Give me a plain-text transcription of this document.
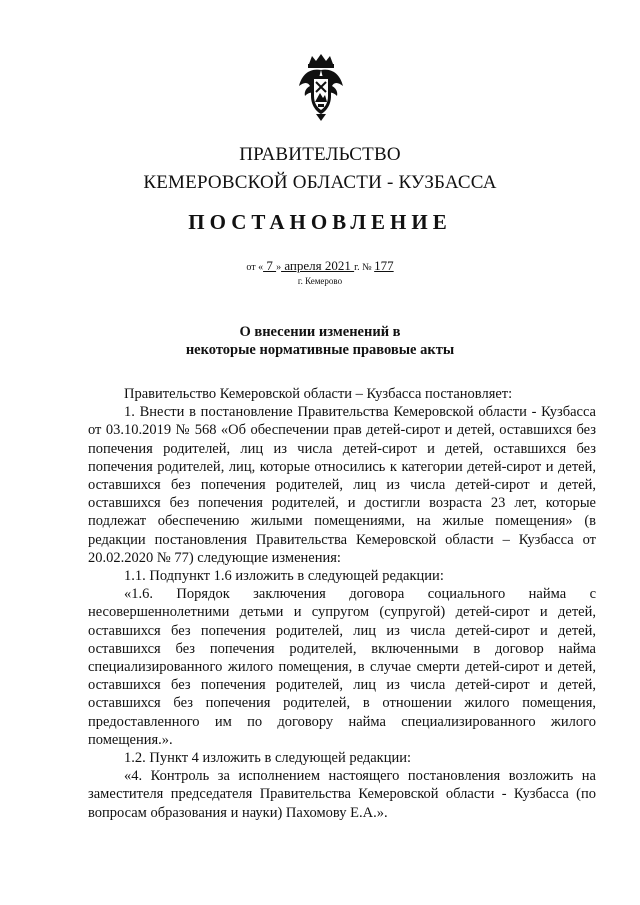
ПРАВИТЕЛЬСТВО
КЕМЕРОВСКОЙ ОБЛАСТИ - КУЗБАССА
ПОСТАНОВЛЕНИЕ
от « 7 » апреля 2021 г. № 177
г. Кемерово
О внесении изменений в
некоторые нормативные правовые акты

Правительство Кемеровской области – Кузбасса постановляет:

1. Внести в постановление Правительства Кемеровской области - Кузбасса от 03.10.2019 № 568 «Об обеспечении прав детей-сирот и детей, оставшихся без попечения родителей, лиц из числа детей-сирот и детей, оставшихся без попечения родителей, лиц, которые относились к категории детей-сирот и детей, оставшихся без попечения родителей, лиц из числа детей-сирот и детей, оставшихся без попечения родителей, и достигли возраста 23 лет, которые подлежат обеспечению жилыми помещениями, на жилые помещения» (в редакции постановления Правительства Кемеровской области – Кузбасса от 20.02.2020 № 77) следующие изменения:

1.1. Подпункт 1.6 изложить в следующей редакции:

«1.6. Порядок заключения договора социального найма с несовершеннолетними детьми и супругом (супругой) детей-сирот и детей, оставшихся без попечения родителей, лиц из числа детей-сирот и детей, оставшихся без попечения родителей, включенными в договор найма специализированного жилого помещения, в случае смерти детей-сирот и детей, оставшихся без попечения родителей, лиц из числа детей-сирот и детей, оставшихся без попечения родителей, в отношении жилого помещения, предоставленного им по договору найма специализированного жилого помещения.».

1.2. Пункт 4 изложить в следующей редакции:

«4. Контроль за исполнением настоящего постановления возложить на заместителя председателя Правительства Кемеровской области - Кузбасса (по вопросам образования и науки) Пахомову Е.А.».
